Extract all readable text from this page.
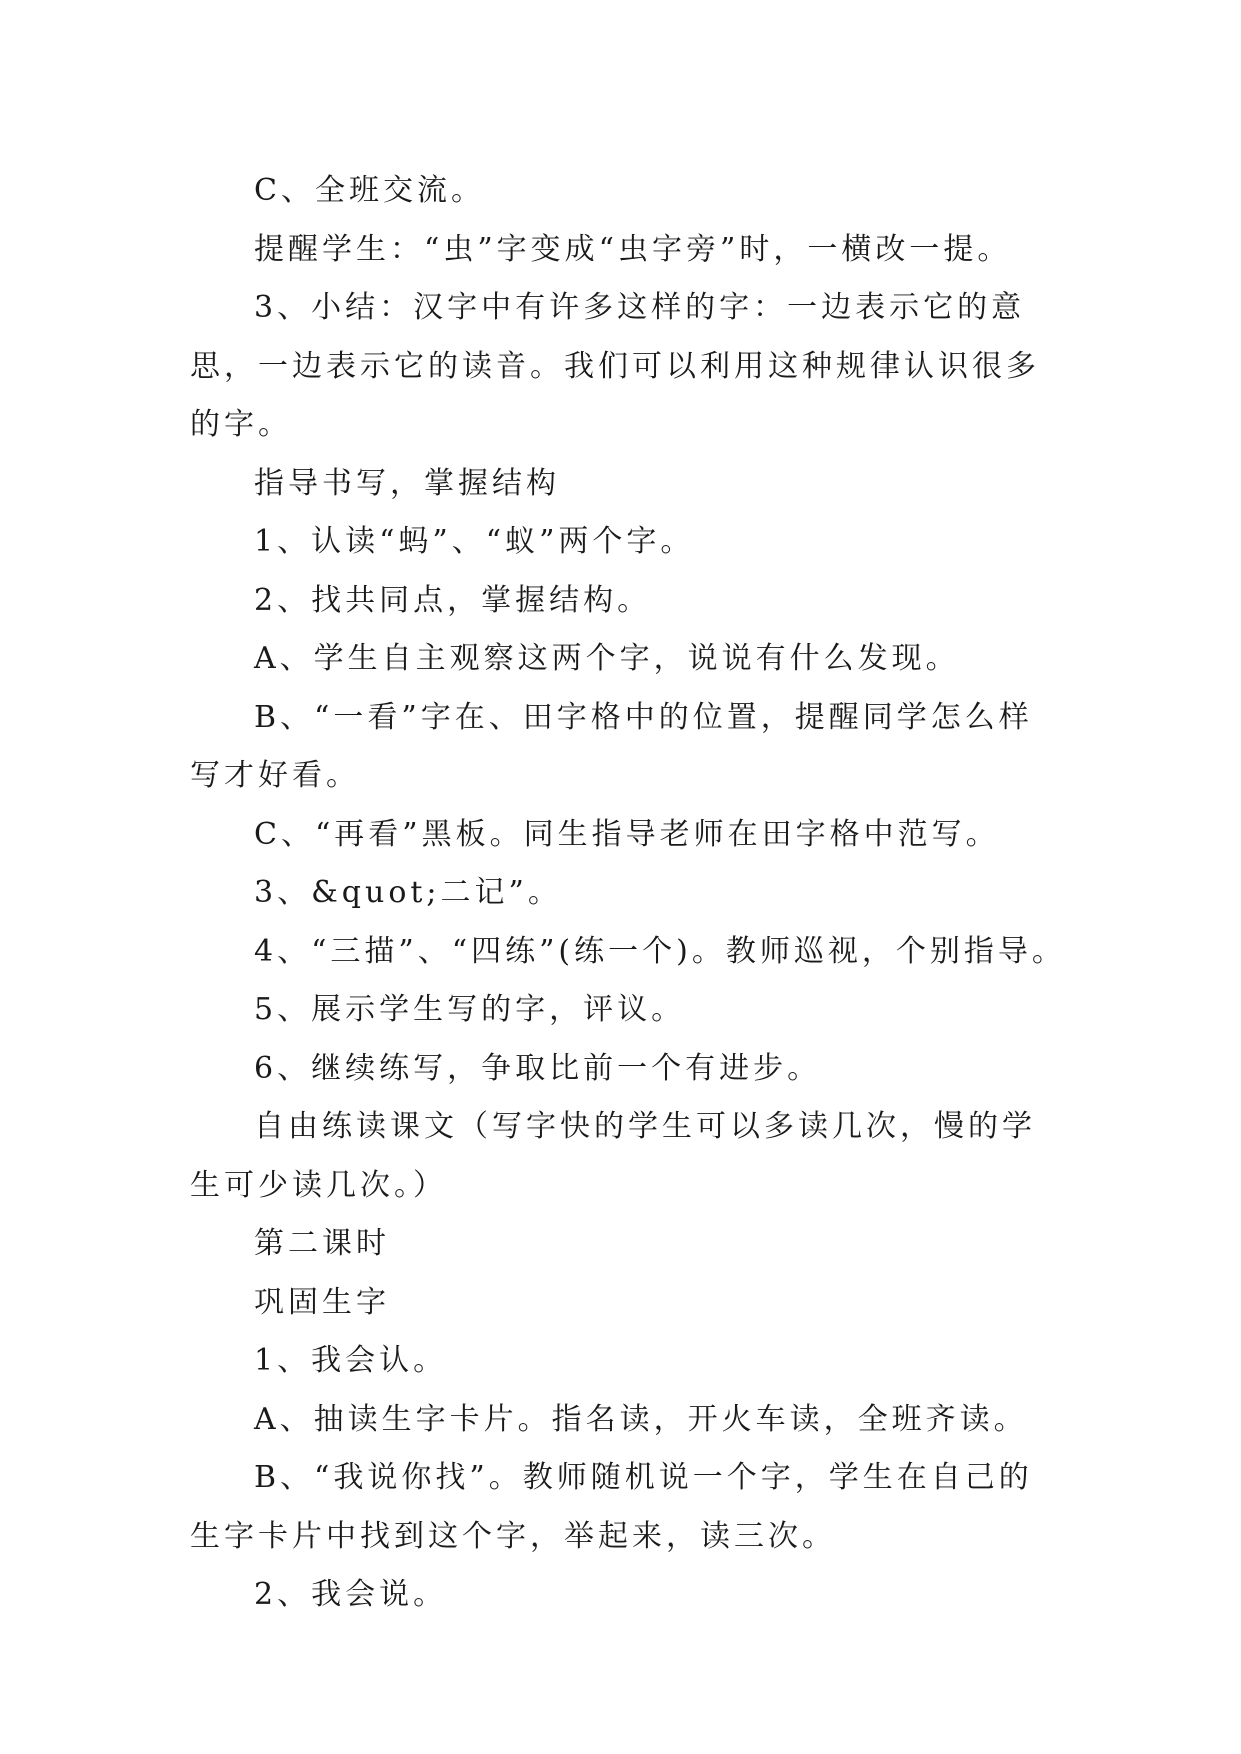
C、全班交流。

提醒学生：“虫”字变成“虫字旁”时，一横改一提。

3、小结：汉字中有许多这样的字：一边表示它的意思，一边表示它的读音。我们可以利用这种规律认识很多的字。

指导书写，掌握结构

1、认读“蚂”、“蚁”两个字。

2、找共同点，掌握结构。

A、学生自主观察这两个字，说说有什么发现。

B、“一看”字在、田字格中的位置，提醒同学怎么样写才好看。

C、“再看”黑板。同生指导老师在田字格中范写。

3、&quot;二记”。

4、“三描”、“四练”(练一个)。教师巡视，个别指导。

5、展示学生写的字，评议。

6、继续练写，争取比前一个有进步。

自由练读课文（写字快的学生可以多读几次，慢的学生可少读几次。）

第二课时

巩固生字

1、我会认。

A、抽读生字卡片。指名读，开火车读，全班齐读。

B、“我说你找”。教师随机说一个字，学生在自己的生字卡片中找到这个字，举起来，读三次。

2、我会说。
